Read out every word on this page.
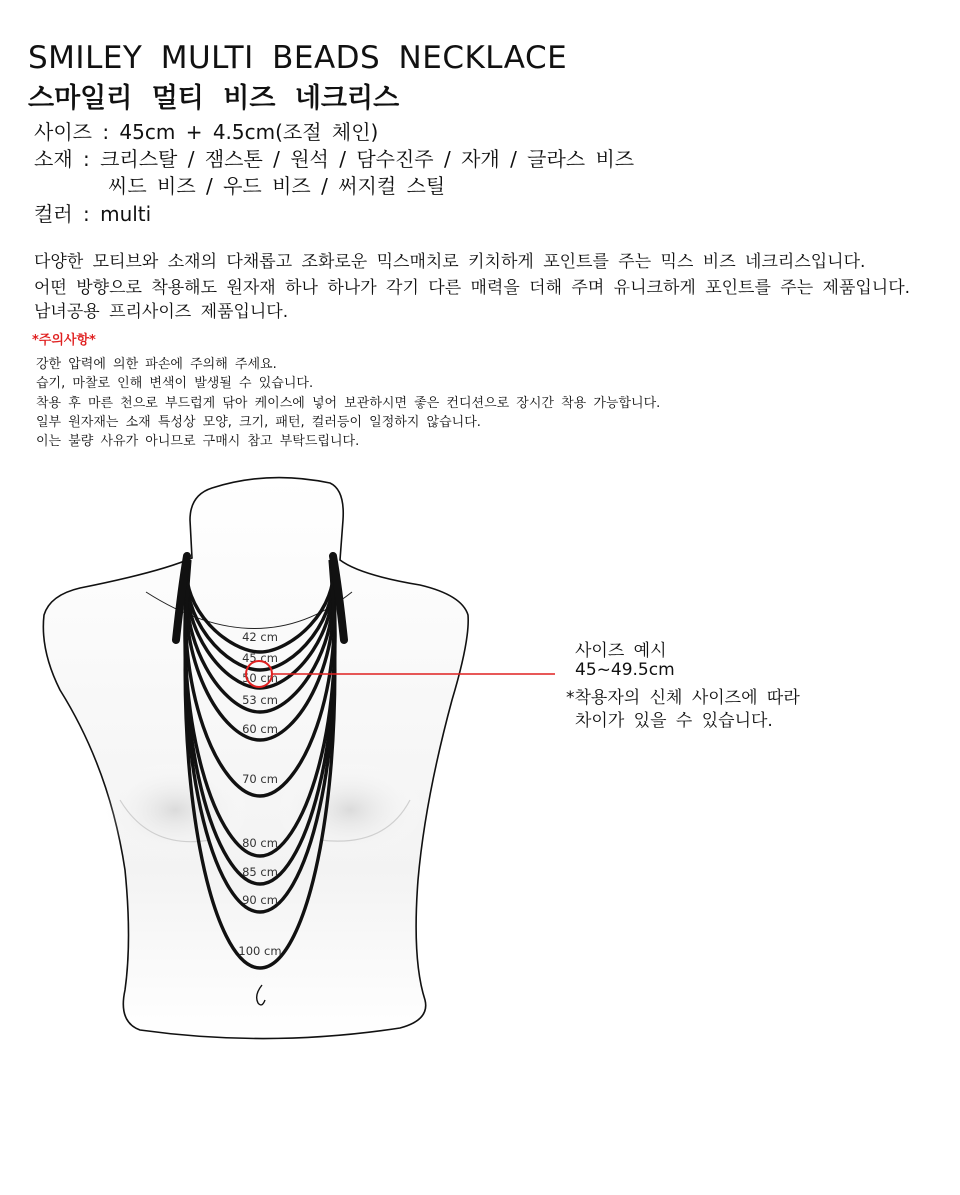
SMILEY MULTI BEADS NECKLACE
스마일리 멀티 비즈 네크리스
사이즈 : 45cm + 4.5cm(조절 체인)
소재 : 크리스탈 / 잼스톤 / 원석 / 담수진주 / 자개 / 글라스 비즈
씨드 비즈 / 우드 비즈 / 써지컬 스틸
컬러 : multi
다양한 모티브와 소재의 다채롭고 조화로운 믹스매치로 키치하게 포인트를 주는 믹스 비즈 네크리스입니다.
어떤 방향으로 착용해도 원자재 하나 하나가 각기 다른 매력을 더해 주며 유니크하게 포인트를 주는 제품입니다.
남녀공용 프리사이즈 제품입니다.
*주의사항*
강한 압력에 의한 파손에 주의해 주세요.
습기, 마찰로 인해 변색이 발생될 수 있습니다.
착용 후 마른 천으로 부드럽게 닦아 케이스에 넣어 보관하시면 좋은 컨디션으로 장시간 착용 가능합니다.
일부 원자재는 소재 특성상 모양, 크기, 패턴, 컬러등이 일정하지 않습니다.
이는 불량 사유가 아니므로 구매시 참고 부탁드립니다.
42 cm
45 cm
50 cm
53 cm
60 cm
70 cm
80 cm
85 cm
90 cm
100 cm
사이즈 예시
45~49.5cm
*착용자의 신체 사이즈에 따라
차이가 있을 수 있습니다.
